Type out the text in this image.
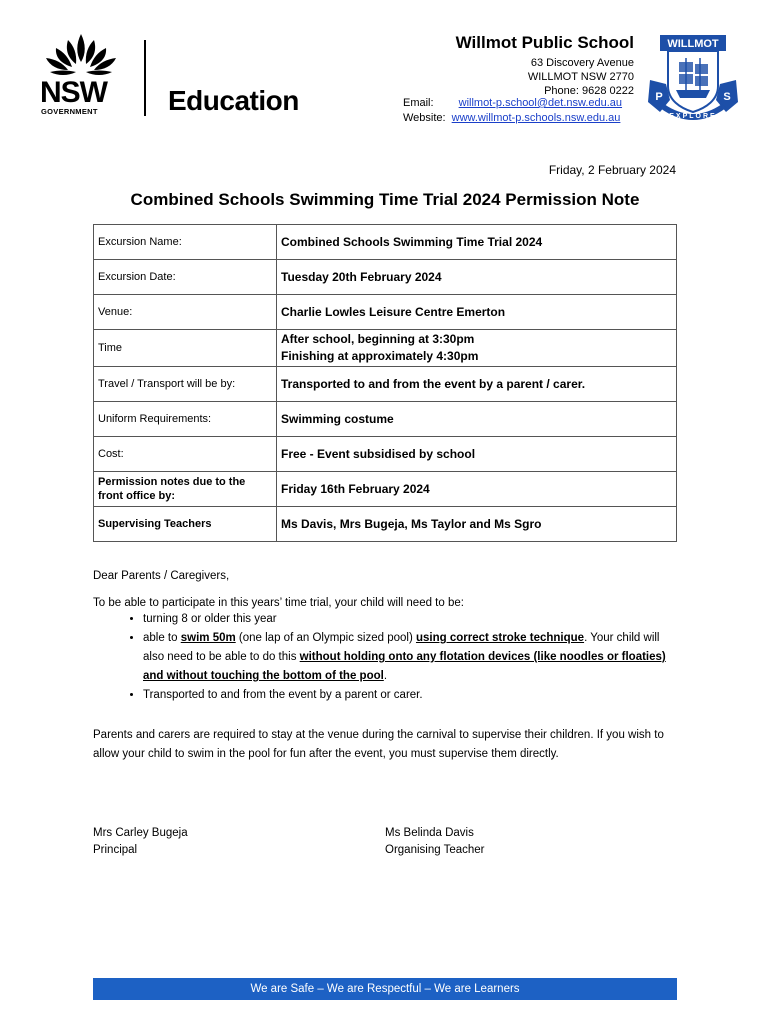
NSW
GOVERNMENT	Education
Willmot Public School
63 Discovery Avenue
WILLMOT NSW 2770
Phone: 9628 0222
Email: willmot-p.school@det.nsw.edu.au
Website: www.willmot-p.schools.nsw.edu.au
WILLMOT
P	S
EXPLORE
Friday, 2 February 2024
Combined Schools Swimming Time Trial 2024 Permission Note
Excursion Name:	Combined Schools Swimming Time Trial 2024
Excursion Date:	Tuesday 20th February 2024
Venue:	Charlie Lowles Leisure Centre Emerton
Time	After school, beginning at 3:30pm
Finishing at approximately 4:30pm

Travel / Transport will be by:	Transported to and from the event by a parent / carer.
Uniform Requirements:	Swimming costume
Cost:	Free - Event subsidised by school
Permission notes due to the front office by:	Friday 16th February 2024
Supervising Teachers	Ms Davis, Mrs Bugeja, Ms Taylor and Ms Sgro
Dear Parents / Caregivers,
To be able to participate in this years’ time trial, your child will need to be:
• turning 8 or older this year
• able to swim 50m (one lap of an Olympic sized pool) using correct stroke technique. Your child will also need to be able to do this without holding onto any flotation devices (like noodles or floaties) and without touching the bottom of the pool.
• Transported to and from the event by a parent or carer.
Parents and carers are required to stay at the venue during the carnival to supervise their children. If you wish to allow your child to swim in the pool for fun after the event, you must supervise them directly.
Mrs Carley Bugeja
Principal
Ms Belinda Davis
Organising Teacher
We are Safe – We are Respectful – We are Learners
